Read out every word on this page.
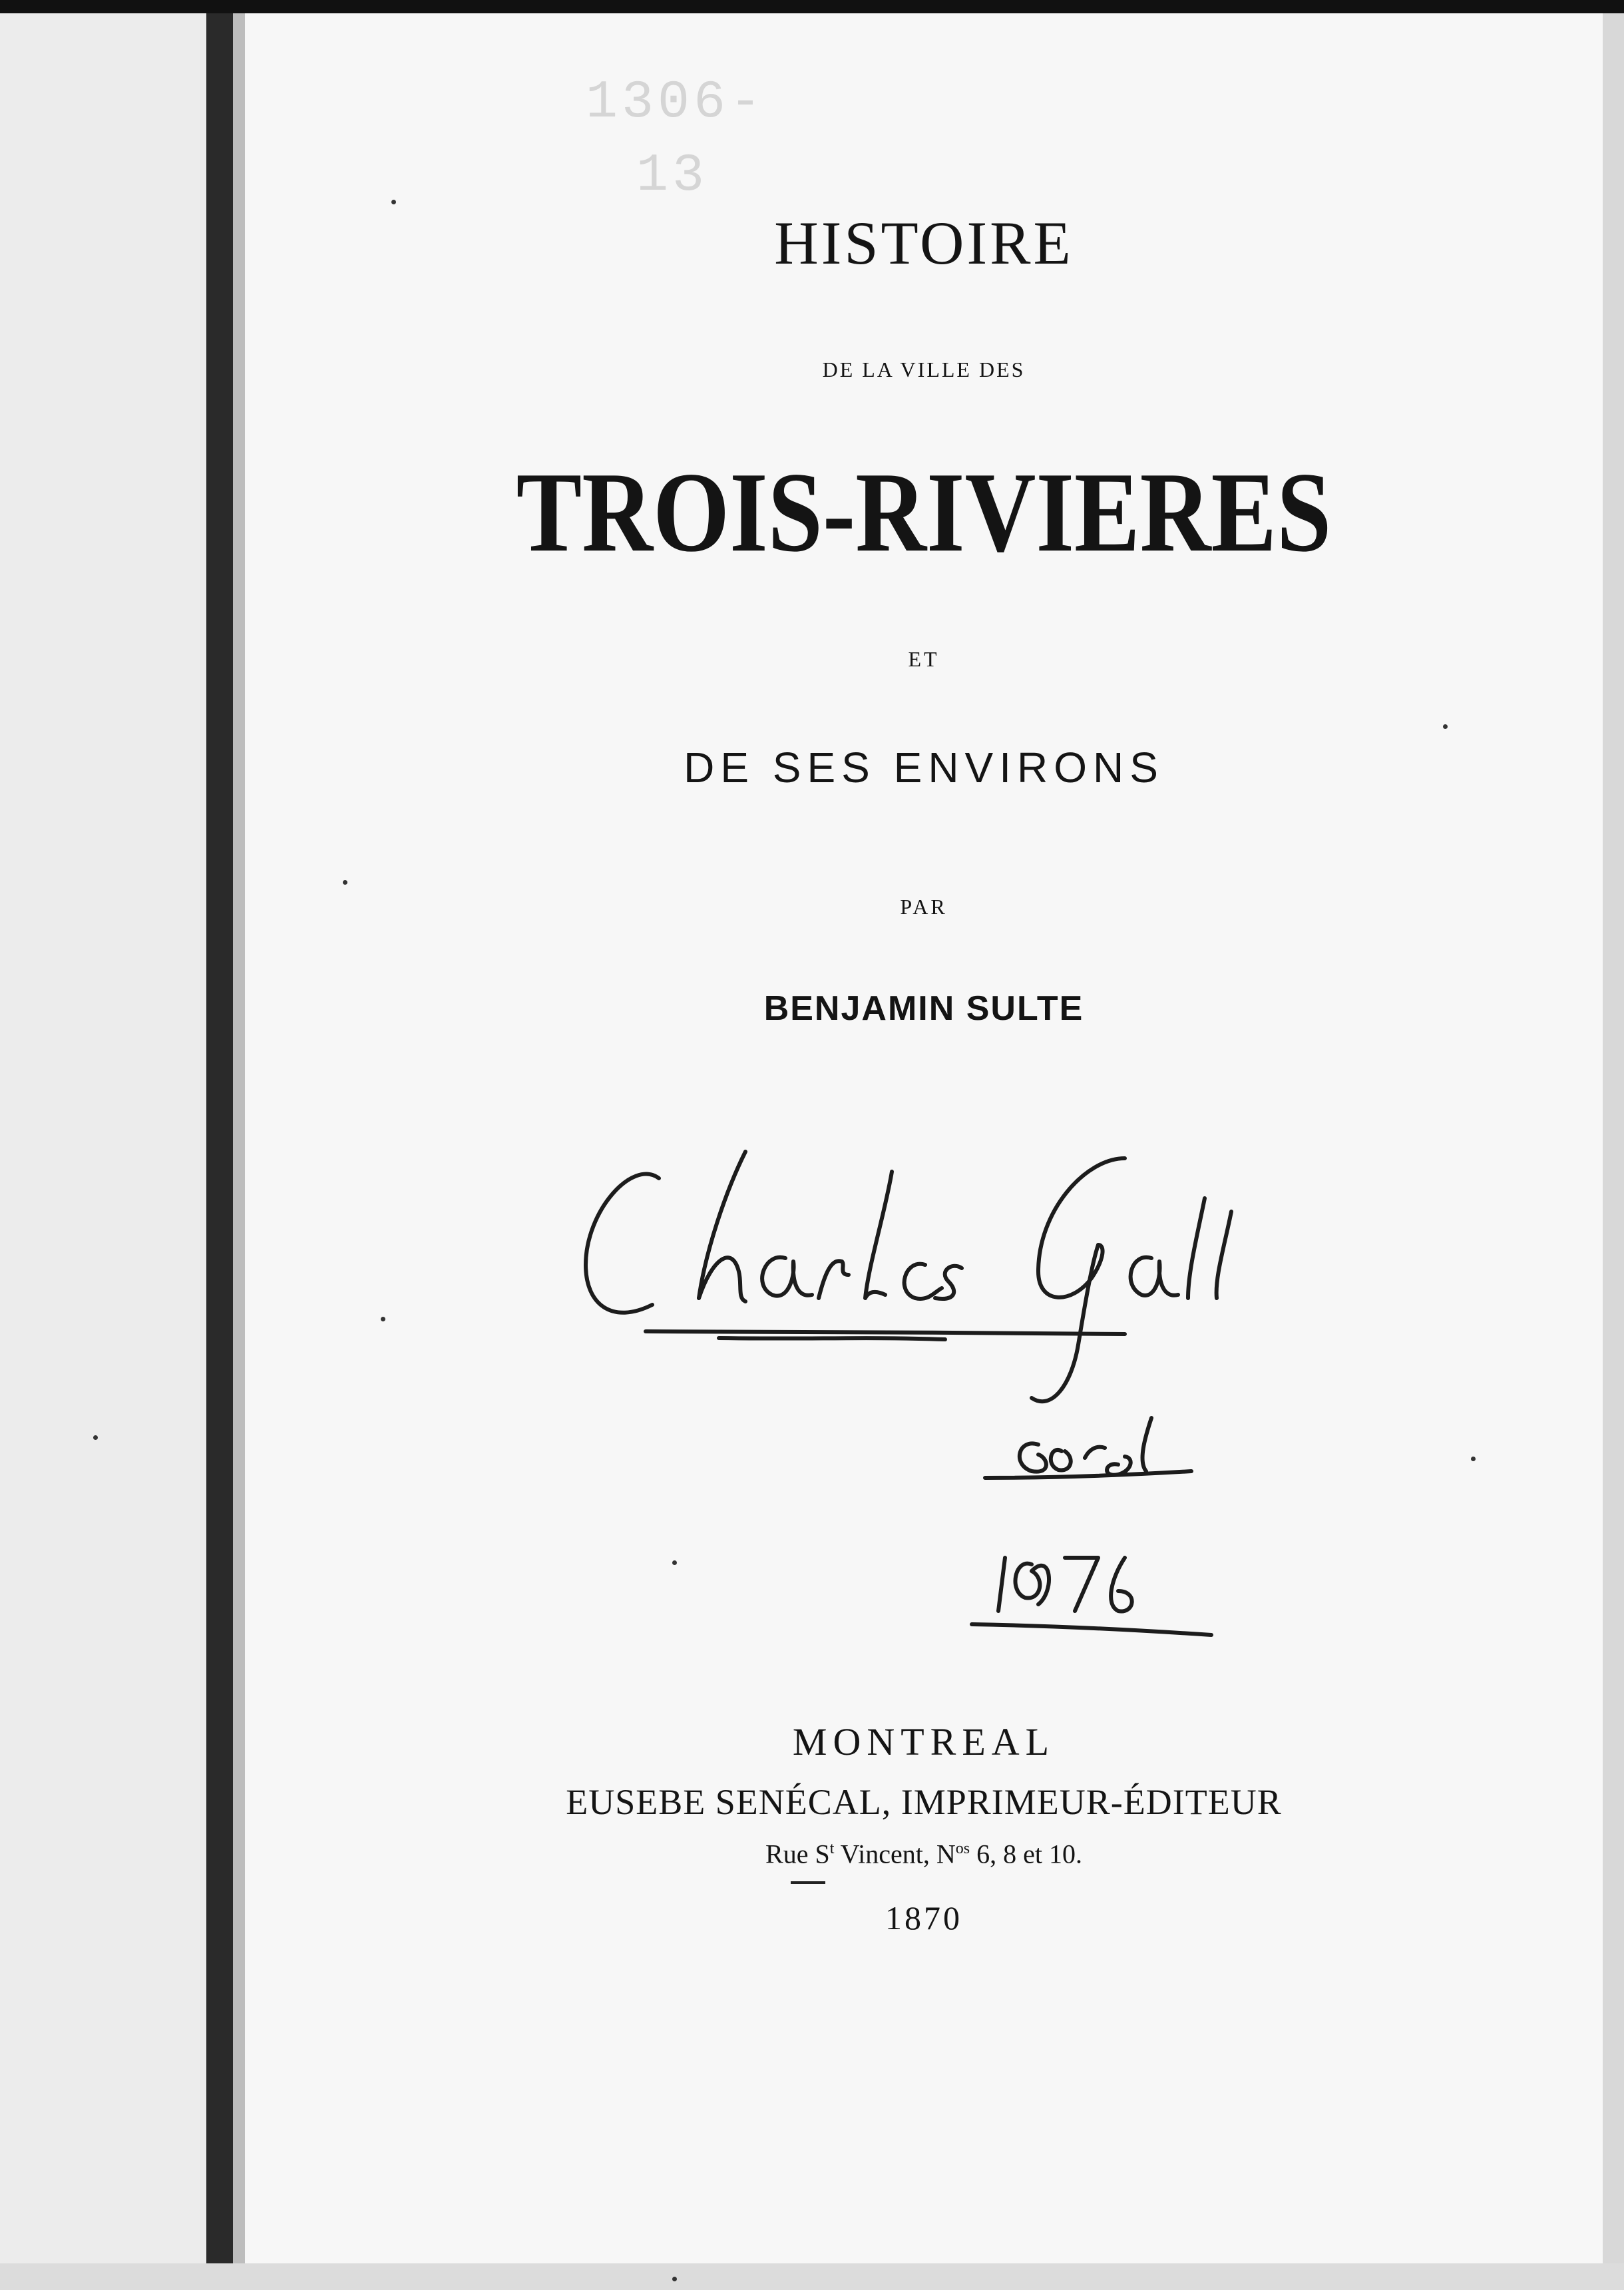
1306-13
HISTOIRE
DE LA VILLE DES
TROIS-RIVIERES
ET
DE SES ENVIRONS
PAR
BENJAMIN SULTE
MONTREAL
EUSEBE SENÉCAL, IMPRIMEUR-ÉDITEUR
Rue $S^t$ Vincent, $N^{os}$ 6, 8 et 10.
1870
